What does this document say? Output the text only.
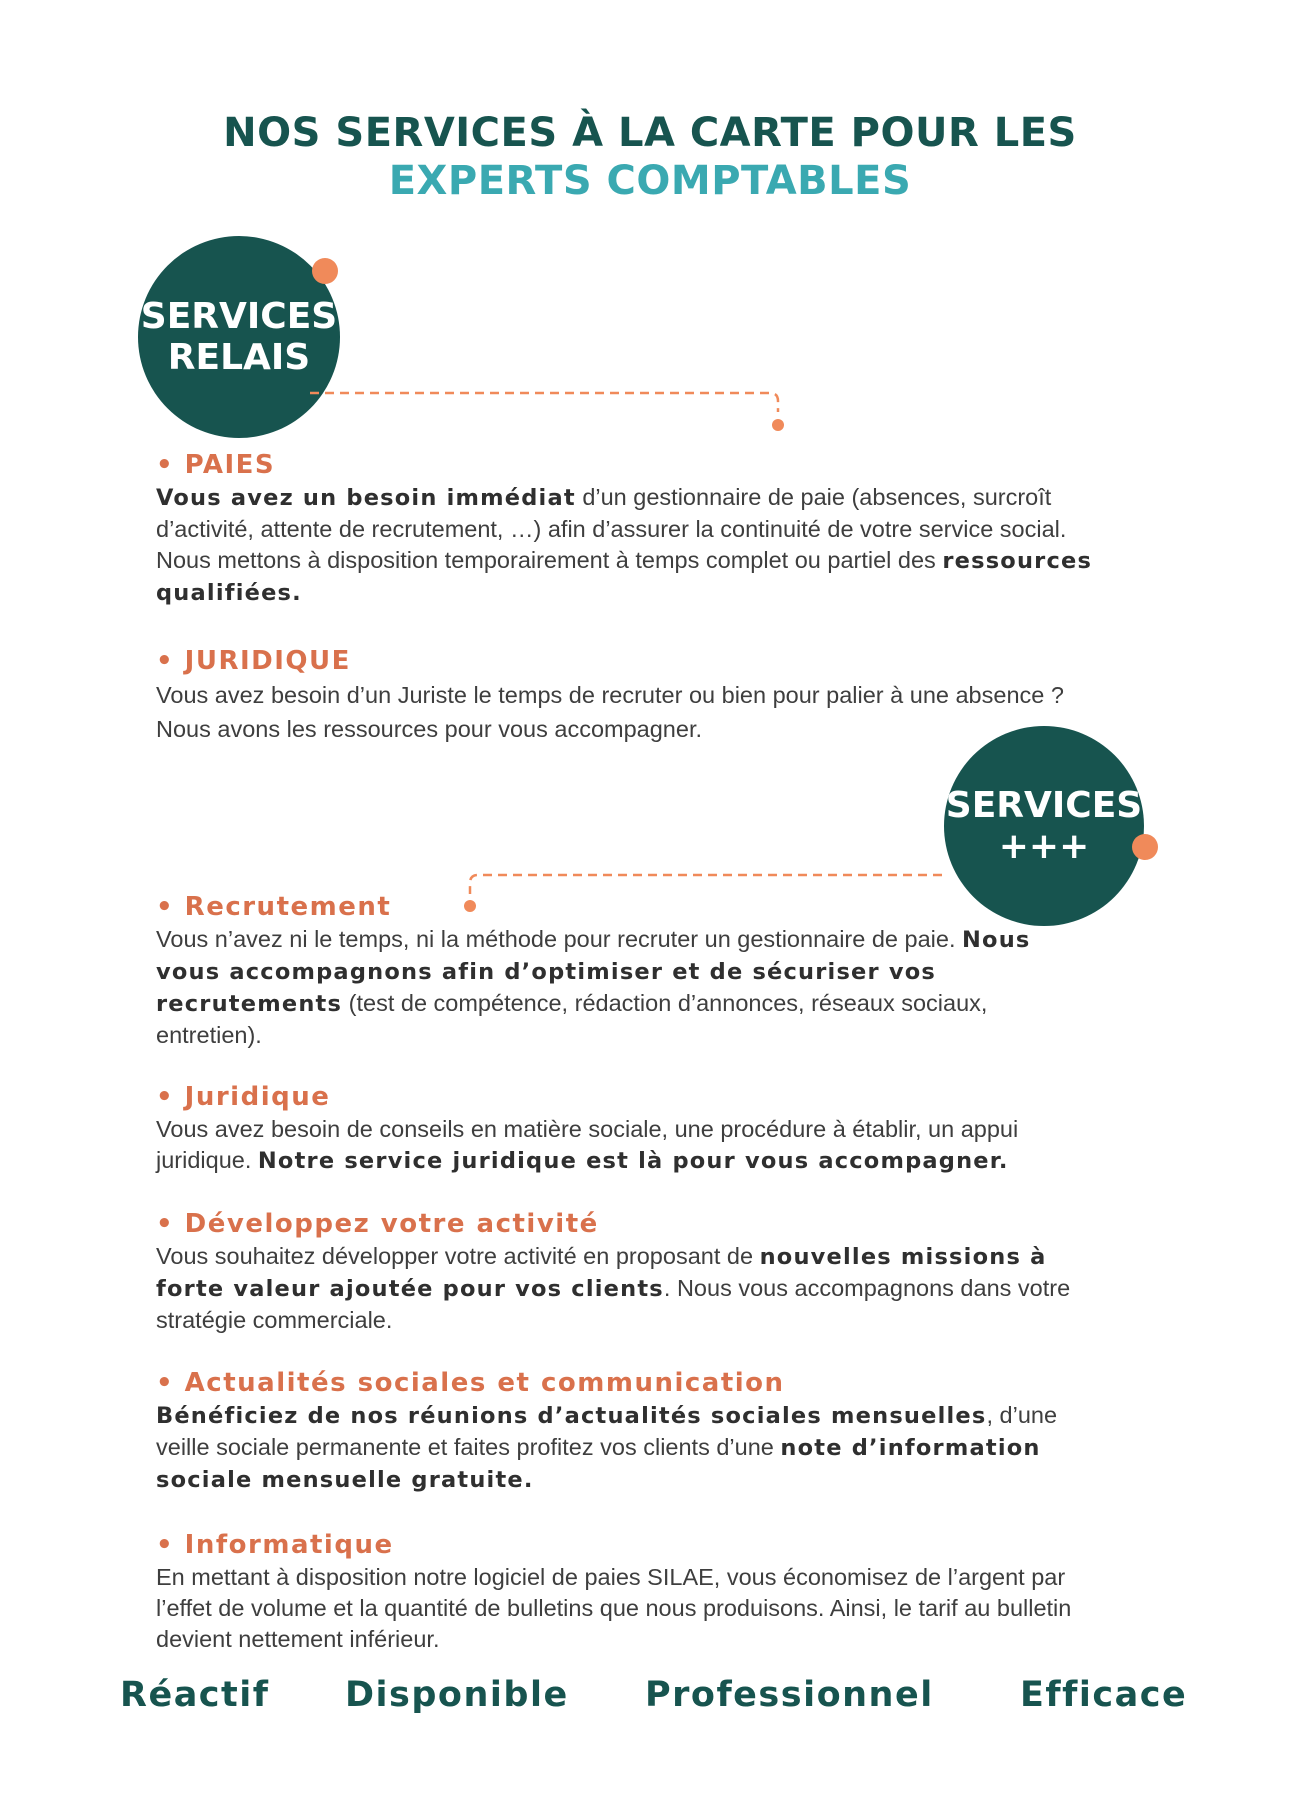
NOS SERVICES À LA CARTE POUR LES
EXPERTS COMPTABLES
SERVICES
RELAIS
• PAIES
Vous avez un besoin immédiat d’un gestionnaire de paie (absences, surcroît d’activité, attente de recrutement, …) afin d’assurer la continuité de votre service social. Nous mettons à disposition temporairement à temps complet ou partiel des ressources qualifiées.
• JURIDIQUE
Vous avez besoin d’un Juriste le temps de recruter ou bien pour palier à une absence ? Nous avons les ressources pour vous accompagner.
SERVICES
+++
• Recrutement
Vous n’avez ni le temps, ni la méthode pour recruter un gestionnaire de paie. Nous vous accompagnons afin d’optimiser et de sécuriser vos recrutements (test de compétence, rédaction d’annonces, réseaux sociaux, entretien).
• Juridique
Vous avez besoin de conseils en matière sociale, une procédure à établir, un appui juridique. Notre service juridique est là pour vous accompagner.
• Développez votre activité
Vous souhaitez développer votre activité en proposant de nouvelles missions à forte valeur ajoutée pour vos clients. Nous vous accompagnons dans votre stratégie commerciale.
• Actualités sociales et communication
Bénéficiez de nos réunions d’actualités sociales mensuelles, d’une veille sociale permanente et faites profitez vos clients d’une note d’information sociale mensuelle gratuite.
• Informatique
En mettant à disposition notre logiciel de paies SILAE, vous économisez de l’argent par l’effet de volume et la quantité de bulletins que nous produisons. Ainsi, le tarif au bulletin devient nettement inférieur.
Réactif Disponible Professionnel Efficace
